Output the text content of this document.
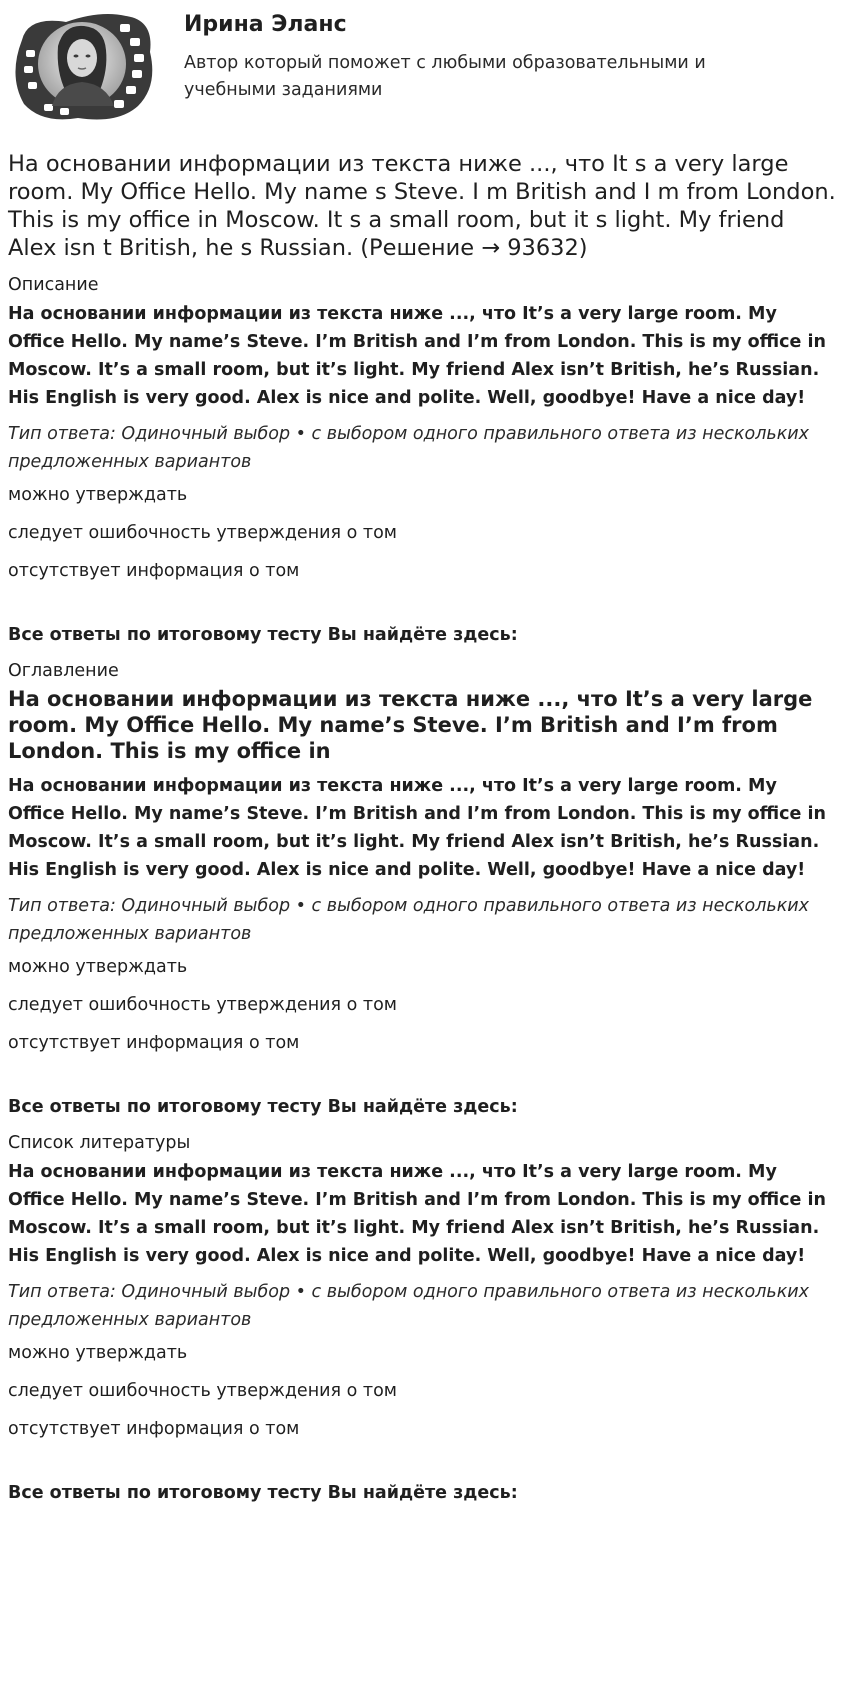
Ирина Эланс

Автор который поможет с любыми образовательными и учебными заданиями

На основании информации из текста ниже ..., что It s a very large room. My Office Hello. My name s Steve. I m British and I m from London. This is my office in Moscow. It s a small room, but it s light. My friend Alex isn t British, he s Russian. (Решение → 93632)
Описание

На основании информации из текста ниже ..., что It’s a very large room. My Office Hello. My name’s Steve. I’m British and I’m from London. This is my office in Moscow. It’s a small room, but it’s light. My friend Alex isn’t British, he’s Russian. His English is very good. Alex is nice and polite. Well, goodbye! Have a nice day!

Тип ответа: Одиночный выбор • с выбором одного правильного ответа из нескольких предложенных вариантов

можно утверждать
следует ошибочность утверждения о том
отсутствует информация о том
Все ответы по итоговому тесту Вы найдёте здесь:
Оглавление
На основании информации из текста ниже ..., что It’s a very large room. My Office Hello. My name’s Steve. I’m British and I’m from London. This is my office in

На основании информации из текста ниже ..., что It’s a very large room. My Office Hello. My name’s Steve. I’m British and I’m from London. This is my office in Moscow. It’s a small room, but it’s light. My friend Alex isn’t British, he’s Russian. His English is very good. Alex is nice and polite. Well, goodbye! Have a nice day!

Тип ответа: Одиночный выбор • с выбором одного правильного ответа из нескольких предложенных вариантов

можно утверждать
следует ошибочность утверждения о том
отсутствует информация о том
Все ответы по итоговому тесту Вы найдёте здесь:
Список литературы

На основании информации из текста ниже ..., что It’s a very large room. My Office Hello. My name’s Steve. I’m British and I’m from London. This is my office in Moscow. It’s a small room, but it’s light. My friend Alex isn’t British, he’s Russian. His English is very good. Alex is nice and polite. Well, goodbye! Have a nice day!

Тип ответа: Одиночный выбор • с выбором одного правильного ответа из нескольких предложенных вариантов

можно утверждать
следует ошибочность утверждения о том
отсутствует информация о том
Все ответы по итоговому тесту Вы найдёте здесь:
